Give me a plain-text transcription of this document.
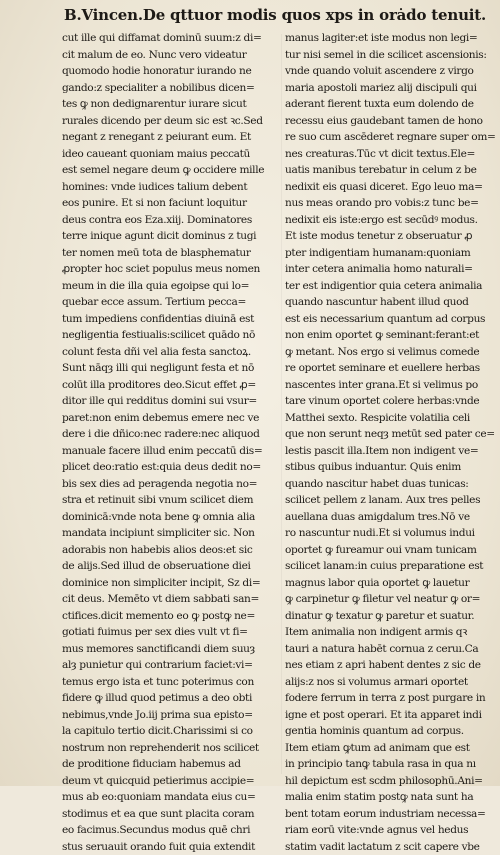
B.Vincen.De qttuor modis quos xps in orȧdo tenuit.
cut ille qui diffamat dominū suum:z di=
cit malum de eo. Nunc vero videatur
quomodo hodie honoratur iurando ne
gando:z specialiter a nobilibus dicen=
tes ꝙ non dedignarentur iurare sicut
rurales dicendo per deum sic est ꝛc.Sed
negant z renegant z peiurant eum. Et
ideo caueant quoniam maius peccatū
est semel negare deum ꝙ occidere mille
homines: vnde iudices talium debent
eos punire. Et si non faciunt loquitur
deus contra eos Eza.xiij. Dominatores
terre inique agunt dicit dominus z tugi
ter nomen meū tota de blasphematur
ꝓropter hoc sciet populus meus nomen
meum in die illa quia egoipse qui lo=
quebar ecce assum. Tertium pecca=
tum impediens confidentias diuinā est
negligentia festiualis:scilicet quādo nō
colunt festa dñi vel alia festa sanctoꝝ.
Sunt nāqȝ illi qui negligunt festa et nō
colūt illa proditores deo.Sicut effet ꝓ=
ditor ille qui redditus domini sui vsur=
paret:non enim debemus emere nec ve
dere i die dñico:nec radere:nec aliquod
manuale facere illud enim peccatū dis=
plicet deo:ratio est:quia deus dedit no=
bis sex dies ad peragenda negotia no=
stra et retinuit sibi vnum scilicet diem
dominicā:vnde nota bene ꝙ omnia alia
mandata incipiunt simpliciter sic. Non
adorabis non habebis alios deos:et sic
de alijs.Sed illud de obseruatione diei
dominice non simpliciter incipit, Sz di=
cit deus. Memēto vt diem sabbati san=
ctifices.dicit memento eo ꝙ postꝙ ne=
gotiati fuimus per sex dies vult vt fi=
mus memores sanctificandi diem suuȝ
alȝ punietur qui contrarium faciet:vi=
temus ergo ista et tunc poterimus con
fidere ꝙ illud quod petimus a deo obti
nebimus,vnde Jo.iij prima sua episto=
la capitulo tertio dicit.Charissimi si co
nostrum non reprehenderit nos scilicet
de proditione fiduciam habemus ad
deum vt quicquid petierimus accipie=
mus ab eo:quoniam mandata eius cu=
stodimus et ea que sunt placita coram
eo facimus.Secundus modus quē chri
stus seruauit orando fuit quia extendit
manus lagiter:et iste modus non legi=
tur nisi semel in die scilicet ascensionis:
vnde quando voluit ascendere z virgo
maria apostoli mariez alij discipuli qui
aderant fierent tuxta eum dolendo de
recessu eius gaudebant tamen de hono
re suo cum ascēderet regnare super om=
nes creaturas.Tūc vt dicit textus.Ele=
uatis manibus terebatur in celum z be
nedixit eis quasi diceret. Ego leuo ma=
nus meas orando pro vobis:z tunc be=
nedixit eis iste:ergo est secūdꝰ modus.
Et iste modus tenetur z obseruatur ꝓ
pter indigentiam humanam:quoniam
inter cetera animalia homo naturali=
ter est indigentior quia cetera animalia
quando nascuntur habent illud quod
est eis necessarium quantum ad corpus
non enim oportet ꝙ seminant:ferant:et
ꝙ metant. Nos ergo si velimus comede
re oportet seminare et euellere herbas
nascentes inter grana.Et si velimus po
tare vinum oportet colere herbas:vnde
Matthei sexto. Respicite volatilia celi
que non serunt neqȝ metūt sed pater ce=
lestis pascit illa.Item non indigent ve=
stibus quibus induantur. Quis enim
quando nascitur habet duas tunicas:
scilicet pellem z lanam. Aux tres pelles
auellana duas amigdalum tres.Nō ve
ro nascuntur nudi.Et si volumus indui
oportet ꝙ fureamur oui vnam tunicam
scilicet lanam:in cuius preparatione est
magnus labor quia oportet ꝙ lauetur
ꝙ carpinetur ꝙ filetur vel neatur ꝙ or=
dinatur ꝙ texatur ꝙ paretur et suatur.
Item animalia non indigent armis qꝛ
tauri a natura habēt cornua z ceruı.Ca
nes etiam z apri habent dentes z sic de
alijs:z nos si volumus armari oportet
fodere ferrum in terra z post purgare in
igne et post operari. Et ita apparet indi
gentia hominis quantum ad corpus.
Item etiam ꝙtum ad animam que est
in principio tanꝙ tabula rasa in qua nı
hil depictum est scdm philosophū.Ani=
malia enim statim postꝙ nata sunt ha
bent totam eorum industriam necessa=
riam eorū vite:vnde agnus vel hedus
statim vadit lactatum z scit capere vbe
